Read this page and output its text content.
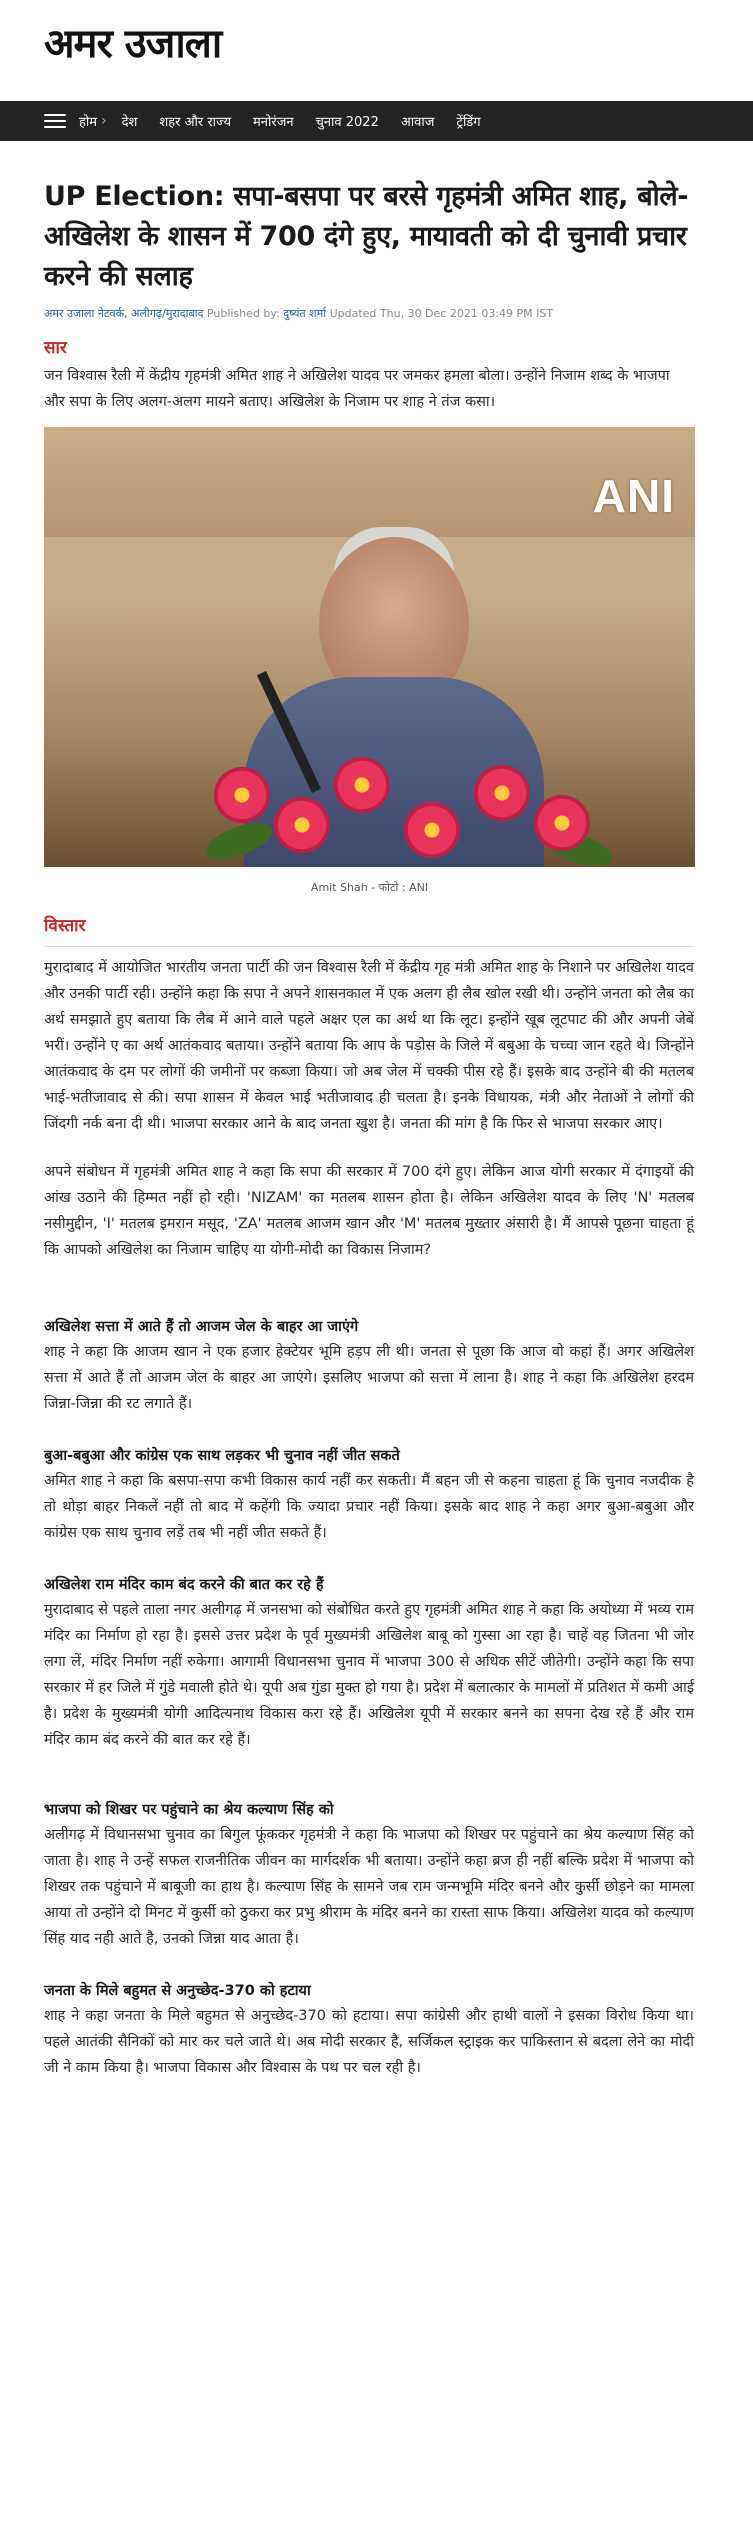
अमर उजाला
होम ›	देश	शहर और राज्य	मनोरंजन	चुनाव 2022	आवाज	ट्रेंडिंग
UP Election: सपा-बसपा पर बरसे गृहमंत्री अमित शाह, बोले- अखिलेश के शासन में 700 दंगे हुए, मायावती को दी चुनावी प्रचार करने की सलाह
अमर उजाला नेटवर्क, अलीगढ़/मुरादाबाद Published by: दुष्यंत शर्मा Updated Thu, 30 Dec 2021 03:49 PM IST
सार

जन विश्वास रैली में केंद्रीय गृहमंत्री अमित शाह ने अखिलेश यादव पर जमकर हमला बोला। उन्होंने निजाम शब्द के भाजपा और सपा के लिए अलग-अलग मायने बताए। अखिलेश के निजाम पर शाह ने तंज कसा।

ANI
Amit Shah - फोटो : ANI
विस्तार

मुरादाबाद में आयोजित भारतीय जनता पार्टी की जन विश्वास रैली में केंद्रीय गृह मंत्री अमित शाह के निशाने पर अखिलेश यादव और उनकी पार्टी रही। उन्होंने कहा कि सपा ने अपने शासनकाल में एक अलग ही लैब खोल रखी थी। उन्होंने जनता को लैब का अर्थ समझाते हुए बताया कि लैब में आने वाले पहले अक्षर एल का अर्थ था कि लूट। इन्होंने खूब लूटपाट की और अपनी जेबें भरीं। उन्होंने ए का अर्थ आतंकवाद बताया। उन्होंने बताया कि आप के पड़ोस के जिले में बबुआ के चच्चा जान रहते थे। जिन्होंने आतंकवाद के दम पर लोगों की जमीनों पर कब्जा किया। जो अब जेल में चक्की पीस रहे हैं। इसके बाद उन्होंने बी की मतलब भाई-भतीजावाद से की। सपा शासन में केवल भाई भतीजावाद ही चलता है। इनके विधायक, मंत्री और नेताओं ने लोगों की जिंदगी नर्क बना दी थी। भाजपा सरकार आने के बाद जनता खुश है। जनता की मांग है कि फिर से भाजपा सरकार आए।

अपने संबोधन में गृहमंत्री अमित शाह ने कहा कि सपा की सरकार में 700 दंगे हुए। लेकिन आज योगी सरकार में दंगाइयों की आंख उठाने की हिम्मत नहीं हो रही। 'NIZAM' का मतलब शासन होता है। लेकिन अखिलेश यादव के लिए 'N' मतलब नसीमुद्दीन, 'I' मतलब इमरान मसूद, 'ZA' मतलब आजम खान और 'M' मतलब मुख्तार अंसारी है। मैं आपसे पूछना चाहता हूं कि आपको अखिलेश का निजाम चाहिए या योगी-मोदी का विकास निजाम?

अखिलेश सत्ता में आते हैं तो आजम जेल के बाहर आ जाएंगे

शाह ने कहा कि आजम खान ने एक हजार हेक्टेयर भूमि हड़प ली थी। जनता से पूछा कि आज वो कहां हैं। अगर अखिलेश सत्ता में आते हैं तो आजम जेल के बाहर आ जाएंगे। इसलिए भाजपा को सत्ता में लाना है। शाह ने कहा कि अखिलेश हरदम जिन्ना-जिन्ना की रट लगाते हैं।

बुआ-बबुआ और कांग्रेस एक साथ लड़कर भी चुनाव नहीं जीत सकते

अमित शाह ने कहा कि बसपा-सपा कभी विकास कार्य नहीं कर सकती। मैं बहन जी से कहना चाहता हूं कि चुनाव नजदीक है तो थोड़ा बाहर निकलें नहीं तो बाद में कहेंगी कि ज्यादा प्रचार नहीं किया। इसके बाद शाह ने कहा अगर बुआ-बबुआ और कांग्रेस एक साथ चुनाव लड़ें तब भी नहीं जीत सकते हैं।

अखिलेश राम मंदिर काम बंद करने की बात कर रहे हैं

मुरादाबाद से पहले ताला नगर अलीगढ़ में जनसभा को संबोधित करते हुए गृहमंत्री अमित शाह ने कहा कि अयोध्या में भव्य राम मंदिर का निर्माण हो रहा है। इससे उत्तर प्रदेश के पूर्व मुख्यमंत्री अखिलेश बाबू को गुस्सा आ रहा है। चाहें वह जितना भी जोर लगा लें, मंदिर निर्माण नहीं रुकेगा। आगामी विधानसभा चुनाव में भाजपा 300 से अधिक सीटें जीतेगी। उन्होंने कहा कि सपा सरकार में हर जिले में गुंडे मवाली होते थे। यूपी अब गुंडा मुक्त हो गया है। प्रदेश में बलात्कार के मामलों में प्रतिशत में कमी आई है। प्रदेश के मुख्यमंत्री योगी आदित्यनाथ विकास करा रहे हैं। अखिलेश यूपी में सरकार बनने का सपना देख रहे हैं और राम मंदिर काम बंद करने की बात कर रहे हैं।

भाजपा को शिखर पर पहुंचाने का श्रेय कल्याण सिंह को

अलीगढ़ में विधानसभा चुनाव का बिगुल फूंककर गृहमंत्री ने कहा कि भाजपा को शिखर पर पहुंचाने का श्रेय कल्याण सिंह को जाता है। शाह ने उन्हें सफल राजनीतिक जीवन का मार्गदर्शक भी बताया। उन्होंने कहा ब्रज ही नहीं बल्कि प्रदेश में भाजपा को शिखर तक पहुंचाने में बाबूजी का हाथ है। कल्याण सिंह के सामने जब राम जन्मभूमि मंदिर बनने और कुर्सी छोड़ने का मामला आया तो उन्होंने दो मिनट में कुर्सी को ठुकरा कर प्रभु श्रीराम के मंदिर बनने का रास्ता साफ किया। अखिलेश यादव को कल्याण सिंह याद नही आते है, उनको जिन्ना याद आता है।

जनता के मिले बहुमत से अनुच्छेद-370 को हटाया

शाह ने कहा जनता के मिले बहुमत से अनुच्छेद-370 को हटाया। सपा कांग्रेसी और हाथी वालों ने इसका विरोध किया था। पहले आतंकी सैनिकों को मार कर चले जाते थे। अब मोदी सरकार है, सर्जिकल स्ट्राइक कर पाकिस्तान से बदला लेने का मोदी जी ने काम किया है। भाजपा विकास और विश्वास के पथ पर चल रही है।
